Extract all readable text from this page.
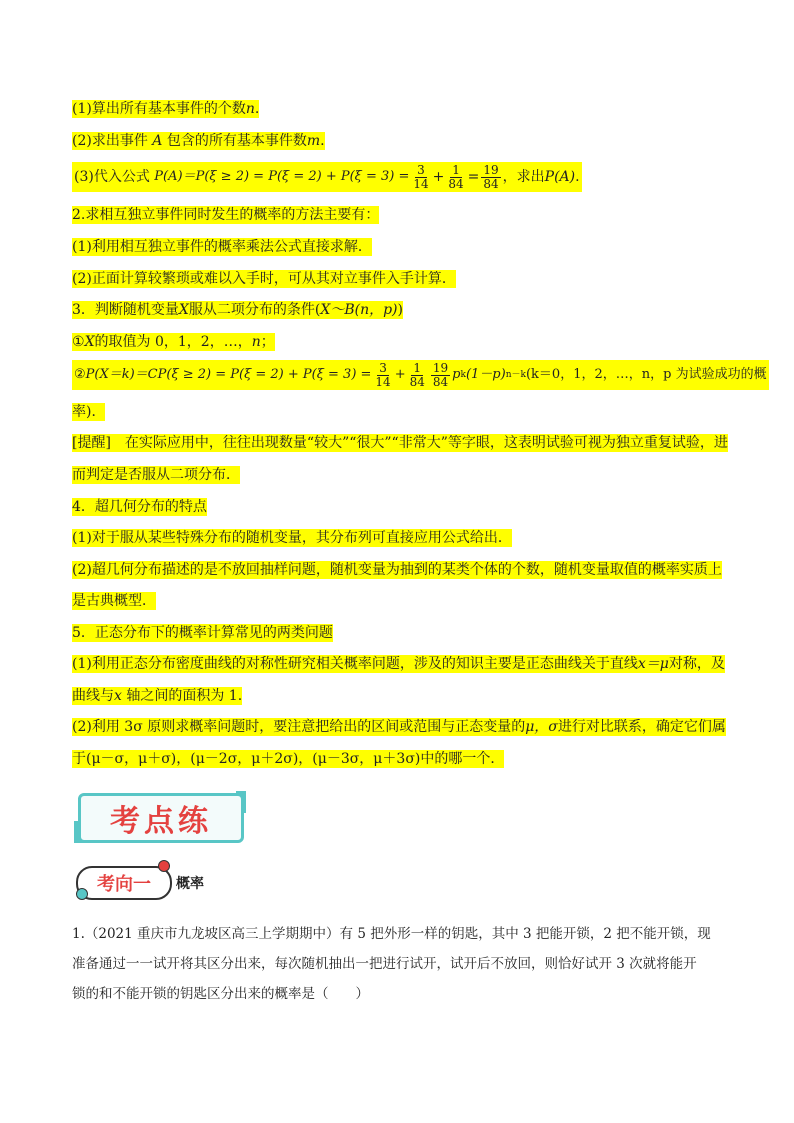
(1)算出所有基本事件的个数n.
(2)求出事件 A 包含的所有基本事件数m.
(3)代入公式
$P(A)=P(\xi \ge 2) = P(\xi = 2) + P(\xi = 3) = \frac{3}{14} + \frac{1}{84} = \frac{19}{84}$ ，求出 P(A) .
2.求相互独立事件同时发生的概率的方法主要有：
(1)利用相互独立事件的概率乘法公式直接求解．
(2)正面计算较繁琐或难以入手时，可从其对立事件入手计算．
3．判断随机变量X服从二项分布的条件(X～B(n，p))
①X的取值为 0，1，2，…，n；
② P(X＝k)＝C $P(\xi \ge 2) = P(\xi = 2) + P(\xi = 3) = \frac{3}{14} + \frac{1}{84} \frac{19}{84}$ p k (1－p) n－k (k＝0，1，2，…，n，p
为试验成功的概
率)．
[提醒]　在实际应用中，往往出现数量“较大”“很大”“非常大”等字眼，这表明试验可视为独立重复试验，进
而判定是否服从二项分布．
4．超几何分布的特点
(1)对于服从某些特殊分布的随机变量，其分布列可直接应用公式给出．
(2)超几何分布描述的是不放回抽样问题，随机变量为抽到的某类个体的个数，随机变量取值的概率实质上
是古典概型．
5．正态分布下的概率计算常见的两类问题
(1)利用正态分布密度曲线的对称性研究相关概率问题，涉及的知识主要是正态曲线关于直线x＝μ对称，及
曲线与x 轴之间的面积为 1.
(2)利用 3σ 原则求概率问题时，要注意把给出的区间或范围与正态变量的μ，σ进行对比联系，确定它们属
于(μ－σ，μ＋σ)，(μ－2σ，μ＋2σ)，(μ－3σ，μ＋3σ)中的哪一个．
考点练
考向一	概率
1.（2021 重庆市九龙坡区高三上学期期中）有 5 把外形一样的钥匙，其中 3 把能开锁，2 把不能开锁，现
准备通过一一试开将其区分出来，每次随机抽出一把进行试开，试开后不放回，则恰好试开 3 次就将能开
锁的和不能开锁的钥匙区分出来的概率是（　　）
